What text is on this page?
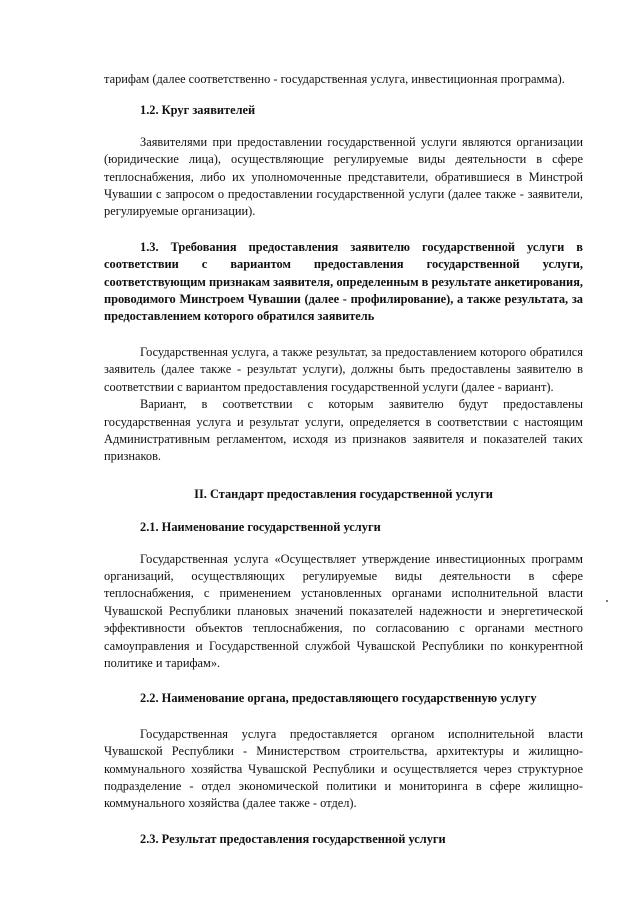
тарифам (далее соответственно - государственная услуга, инвестиционная программа).

1.2. Круг заявителей

Заявителями при предоставлении государственной услуги являются организации (юридические лица), осуществляющие регулируемые виды деятельности в сфере теплоснабжения, либо их уполномоченные представители, обратившиеся в Минстрой Чувашии с запросом о предоставлении государственной услуги (далее также - заявители, регулируемые организации).

1.3. Требования предоставления заявителю государственной услуги в соответствии с вариантом предоставления государственной услуги, соответствующим признакам заявителя, определенным в результате анкетирования, проводимого Минстроем Чувашии (далее - профилирование), а также результата, за предоставлением которого обратился заявитель

Государственная услуга, а также результат, за предоставлением которого обратился заявитель (далее также - результат услуги), должны быть предоставлены заявителю в соответствии с вариантом предоставления государственной услуги (далее - вариант).

Вариант, в соответствии с которым заявителю будут предоставлены государственная услуга и результат услуги, определяется в соответствии с настоящим Административным регламентом, исходя из признаков заявителя и показателей таких признаков.

II. Стандарт предоставления государственной услуги
2.1. Наименование государственной услуги

Государственная услуга «Осуществляет утверждение инвестиционных программ организаций, осуществляющих регулируемые виды деятельности в сфере теплоснабжения, с применением установленных органами исполнительной власти Чувашской Республики плановых значений показателей надежности и энергетической эффективности объектов теплоснабжения, по согласованию с органами местного самоуправления и Государственной службой Чувашской Республики по конкурентной политике и тарифам».

2.2. Наименование органа, предоставляющего государственную услугу

Государственная услуга предоставляется органом исполнительной власти Чувашской Республики - Министерством строительства, архитектуры и жилищно-коммунального хозяйства Чувашской Республики и осуществляется через структурное подразделение - отдел экономической политики и мониторинга в сфере жилищно-коммунального хозяйства (далее также - отдел).

2.3. Результат предоставления государственной услуги
